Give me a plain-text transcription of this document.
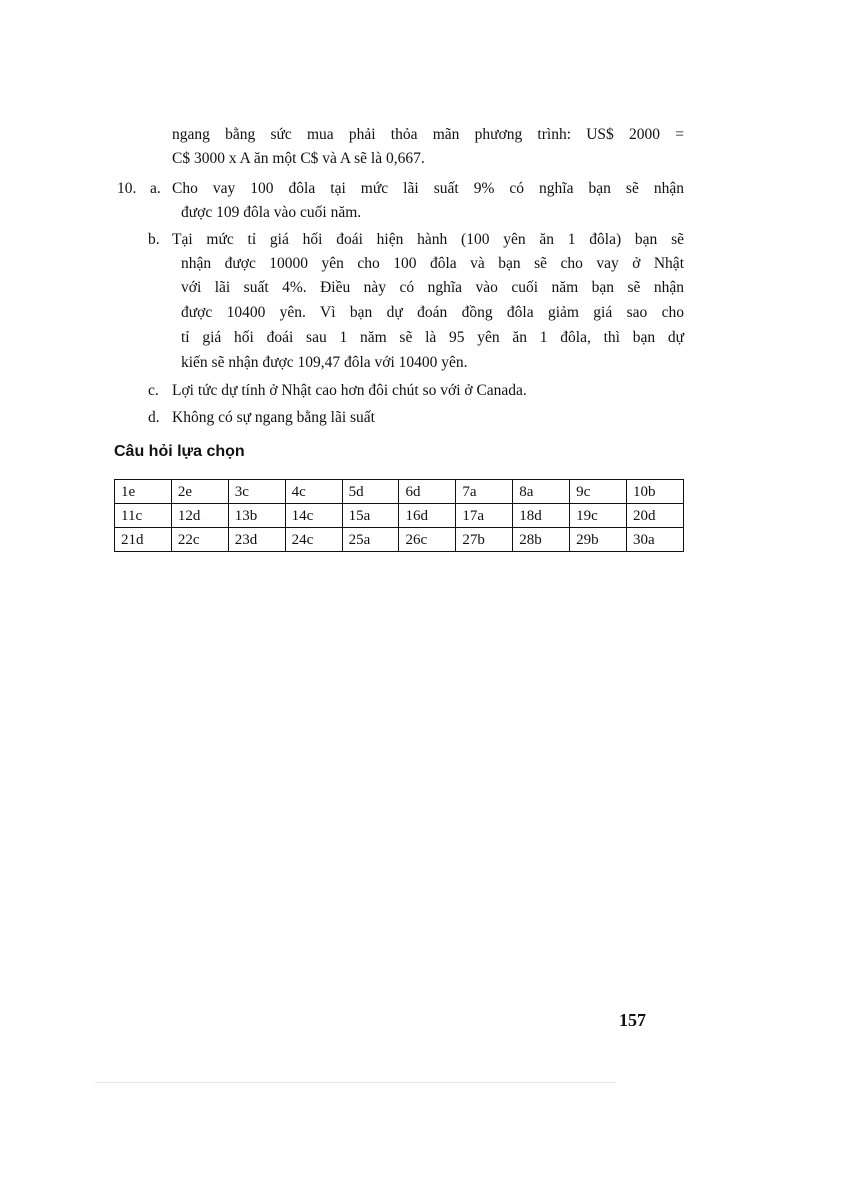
ngang bằng sức mua phải thỏa mãn phương trình: US$ 2000 =
C$ 3000 x A ăn một C$ và A sẽ là 0,667.
10. a. Cho vay 100 đôla tại mức lãi suất 9% có nghĩa bạn sẽ nhận
được 109 đôla vào cuối năm.
b. Tại mức tỉ giá hối đoái hiện hành (100 yên ăn 1 đôla) bạn sẽ
nhận được 10000 yên cho 100 đôla và bạn sẽ cho vay ở Nhật
với lãi suất 4%. Điều này có nghĩa vào cuối năm bạn sẽ nhận
được 10400 yên. Vì bạn dự đoán đồng đôla giảm giá sao cho
tỉ giá hối đoái sau 1 năm sẽ là 95 yên ăn 1 đôla, thì bạn dự
kiến sẽ nhận được 109,47 đôla với 10400 yên.
c. Lợi tức dự tính ở Nhật cao hơn đôi chút so với ở Canada.
d. Không có sự ngang bằng lãi suất
Câu hỏi lựa chọn
1e	2e	3c	4c	5d	6d	7a	8a	9c	10b
11c	12d	13b	14c	15a	16d	17a	18d	19c	20d
21d	22c	23d	24c	25a	26c	27b	28b	29b	30a
157
